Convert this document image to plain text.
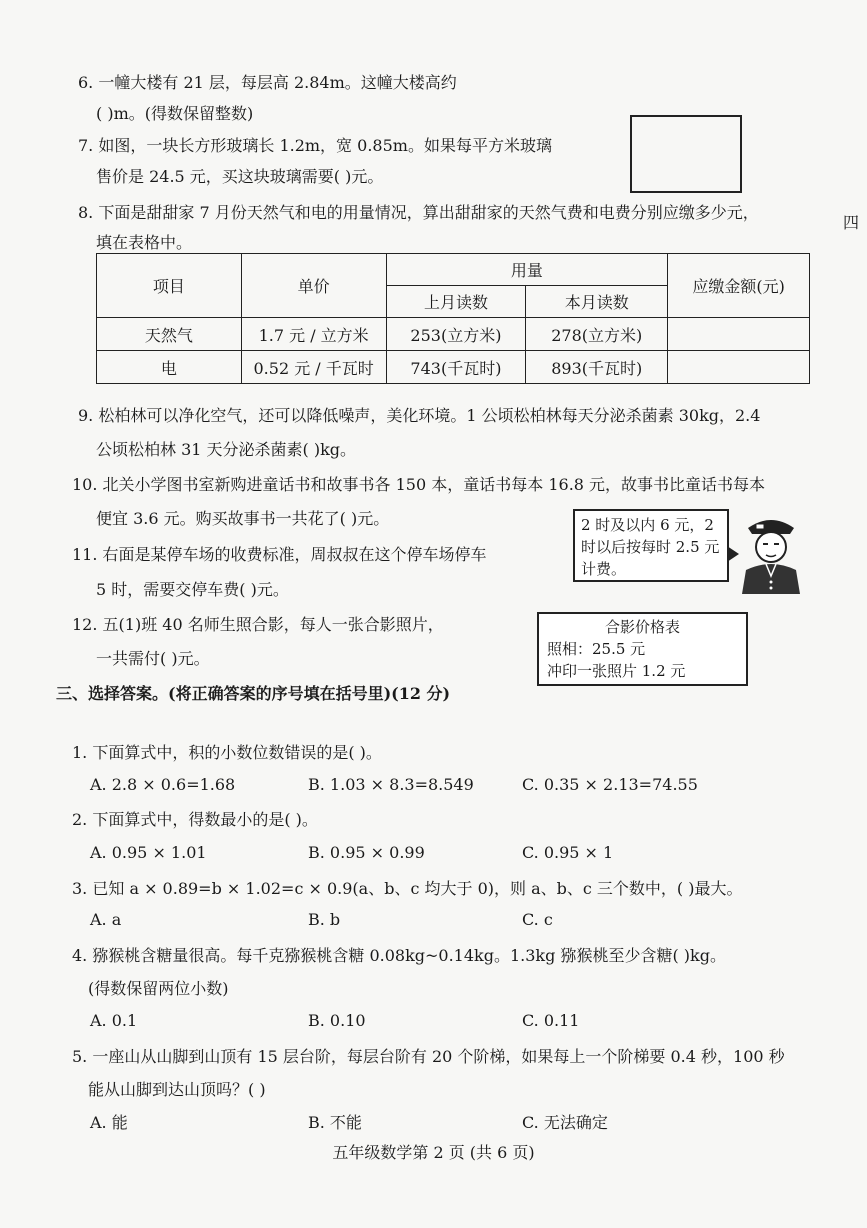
6. 一幢大楼有 21 层，每层高 2.84m。这幢大楼高约
( )m。(得数保留整数)
7. 如图，一块长方形玻璃长 1.2m，宽 0.85m。如果每平方米玻璃
售价是 24.5 元，买这块玻璃需要( )元。
8. 下面是甜甜家 7 月份天然气和电的用量情况，算出甜甜家的天然气费和电费分别应缴多少元，
填在表格中。
四
项目	单价	用量		应缴金额(元)
		上月读数	本月读数	
天然气	1.7 元 / 立方米	253(立方米)	278(立方米)	
电	0.52 元 / 千瓦时	743(千瓦时)	893(千瓦时)	
9. 松柏林可以净化空气，还可以降低噪声，美化环境。1 公顷松柏林每天分泌杀菌素 30kg，2.4
公顷松柏林 31 天分泌杀菌素( )kg。
10. 北关小学图书室新购进童话书和故事书各 150 本，童话书每本 16.8 元，故事书比童话书每本
便宜 3.6 元。购买故事书一共花了( )元。
11. 右面是某停车场的收费标准，周叔叔在这个停车场停车
5 时，需要交停车费( )元。
2 时及以内 6 元，2 时以后按每时 2.5 元计费。
12. 五(1)班 40 名师生照合影，每人一张合影照片，
一共需付( )元。
合影价格表
照相：25.5 元
冲印一张照片 1.2 元
三、选择答案。(将正确答案的序号填在括号里)(12 分)
1. 下面算式中，积的小数位数错误的是( )。
A. 2.8 × 0.6=1.68	B. 1.03 × 8.3=8.549	C. 0.35 × 2.13=74.55
2. 下面算式中，得数最小的是( )。
A. 0.95 × 1.01	B. 0.95 × 0.99	C. 0.95 × 1
3. 已知 a × 0.89=b × 1.02=c × 0.9(a、b、c 均大于 0)，则 a、b、c 三个数中，( )最大。
A. a	B. b	C. c
4. 猕猴桃含糖量很高。每千克猕猴桃含糖 0.08kg~0.14kg。1.3kg 猕猴桃至少含糖( )kg。
(得数保留两位小数)
A. 0.1	B. 0.10	C. 0.11
5. 一座山从山脚到山顶有 15 层台阶，每层台阶有 20 个阶梯，如果每上一个阶梯要 0.4 秒，100 秒
能从山脚到达山顶吗？( )
A. 能	B. 不能	C. 无法确定
五年级数学第 2 页 (共 6 页)
